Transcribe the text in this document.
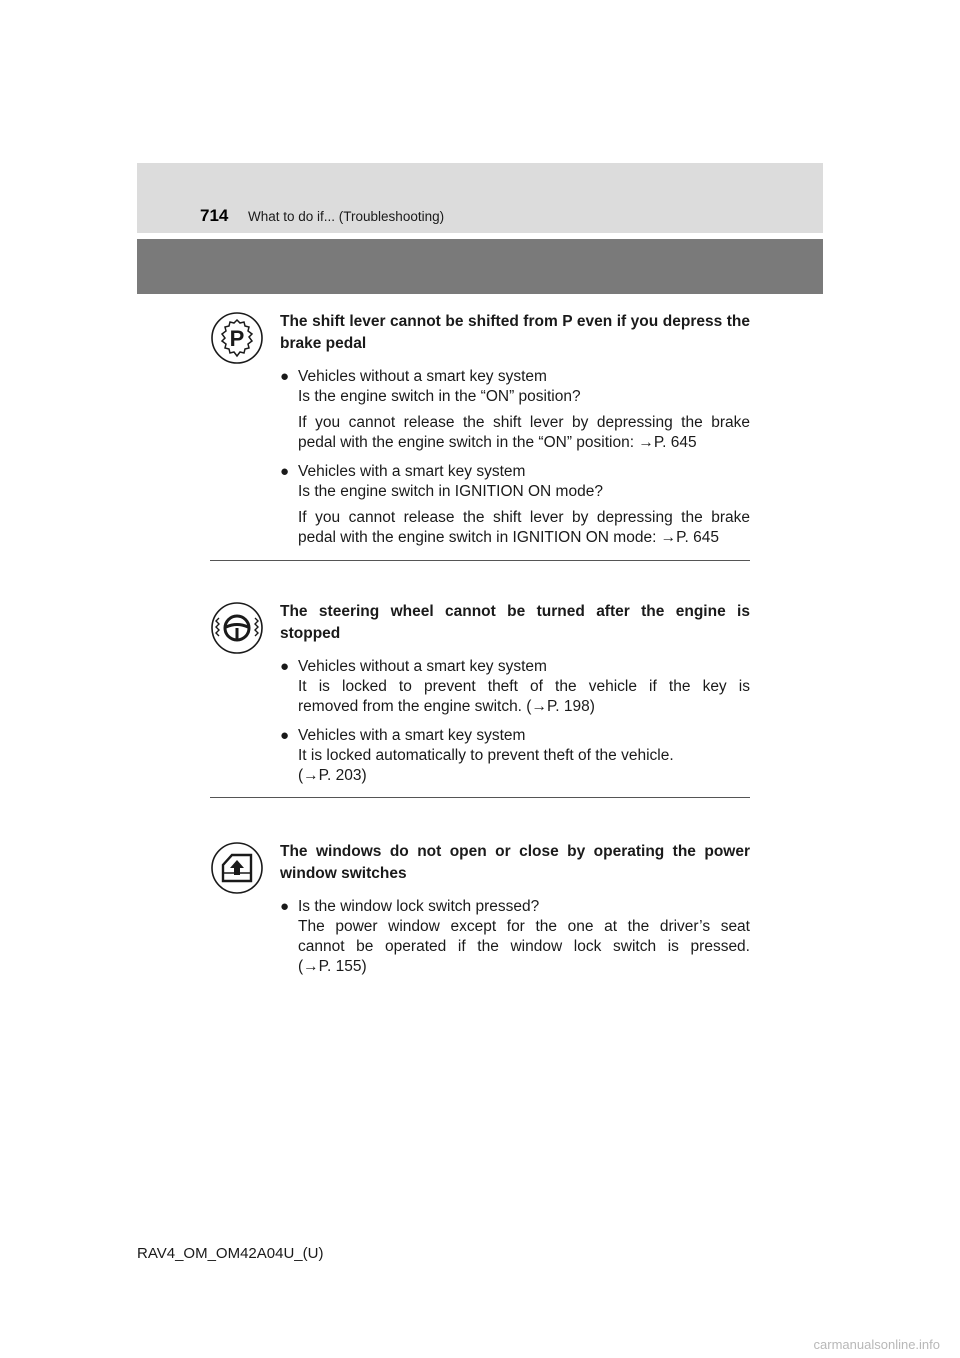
714 What to do if... (Troubleshooting)
P

The shift lever cannot be shifted from P even if you depress the brake pedal

● Vehicles without a smart key system
Is the engine switch in the “ON” position?
If you cannot release the shift lever by depressing the brake
pedal with the engine switch in the “ON” position: →P. 645
● Vehicles with a smart key system
Is the engine switch in IGNITION ON mode?
If you cannot release the shift lever by depressing the brake
pedal with the engine switch in IGNITION ON mode: →P. 645

The steering wheel cannot be turned after the engine is stopped

● Vehicles without a smart key system
It is locked to prevent theft of the vehicle if the key is
removed from the engine switch. (→P. 198)
● Vehicles with a smart key system
It is locked automatically to prevent theft of the vehicle.
(→P. 203)

The windows do not open or close by operating the power window switches

● Is the window lock switch pressed?
The power window except for the one at the driver’s seat
cannot be operated if the window lock switch is pressed.
(→P. 155)
RAV4_OM_OM42A04U_(U)
carmanualsonline.info
